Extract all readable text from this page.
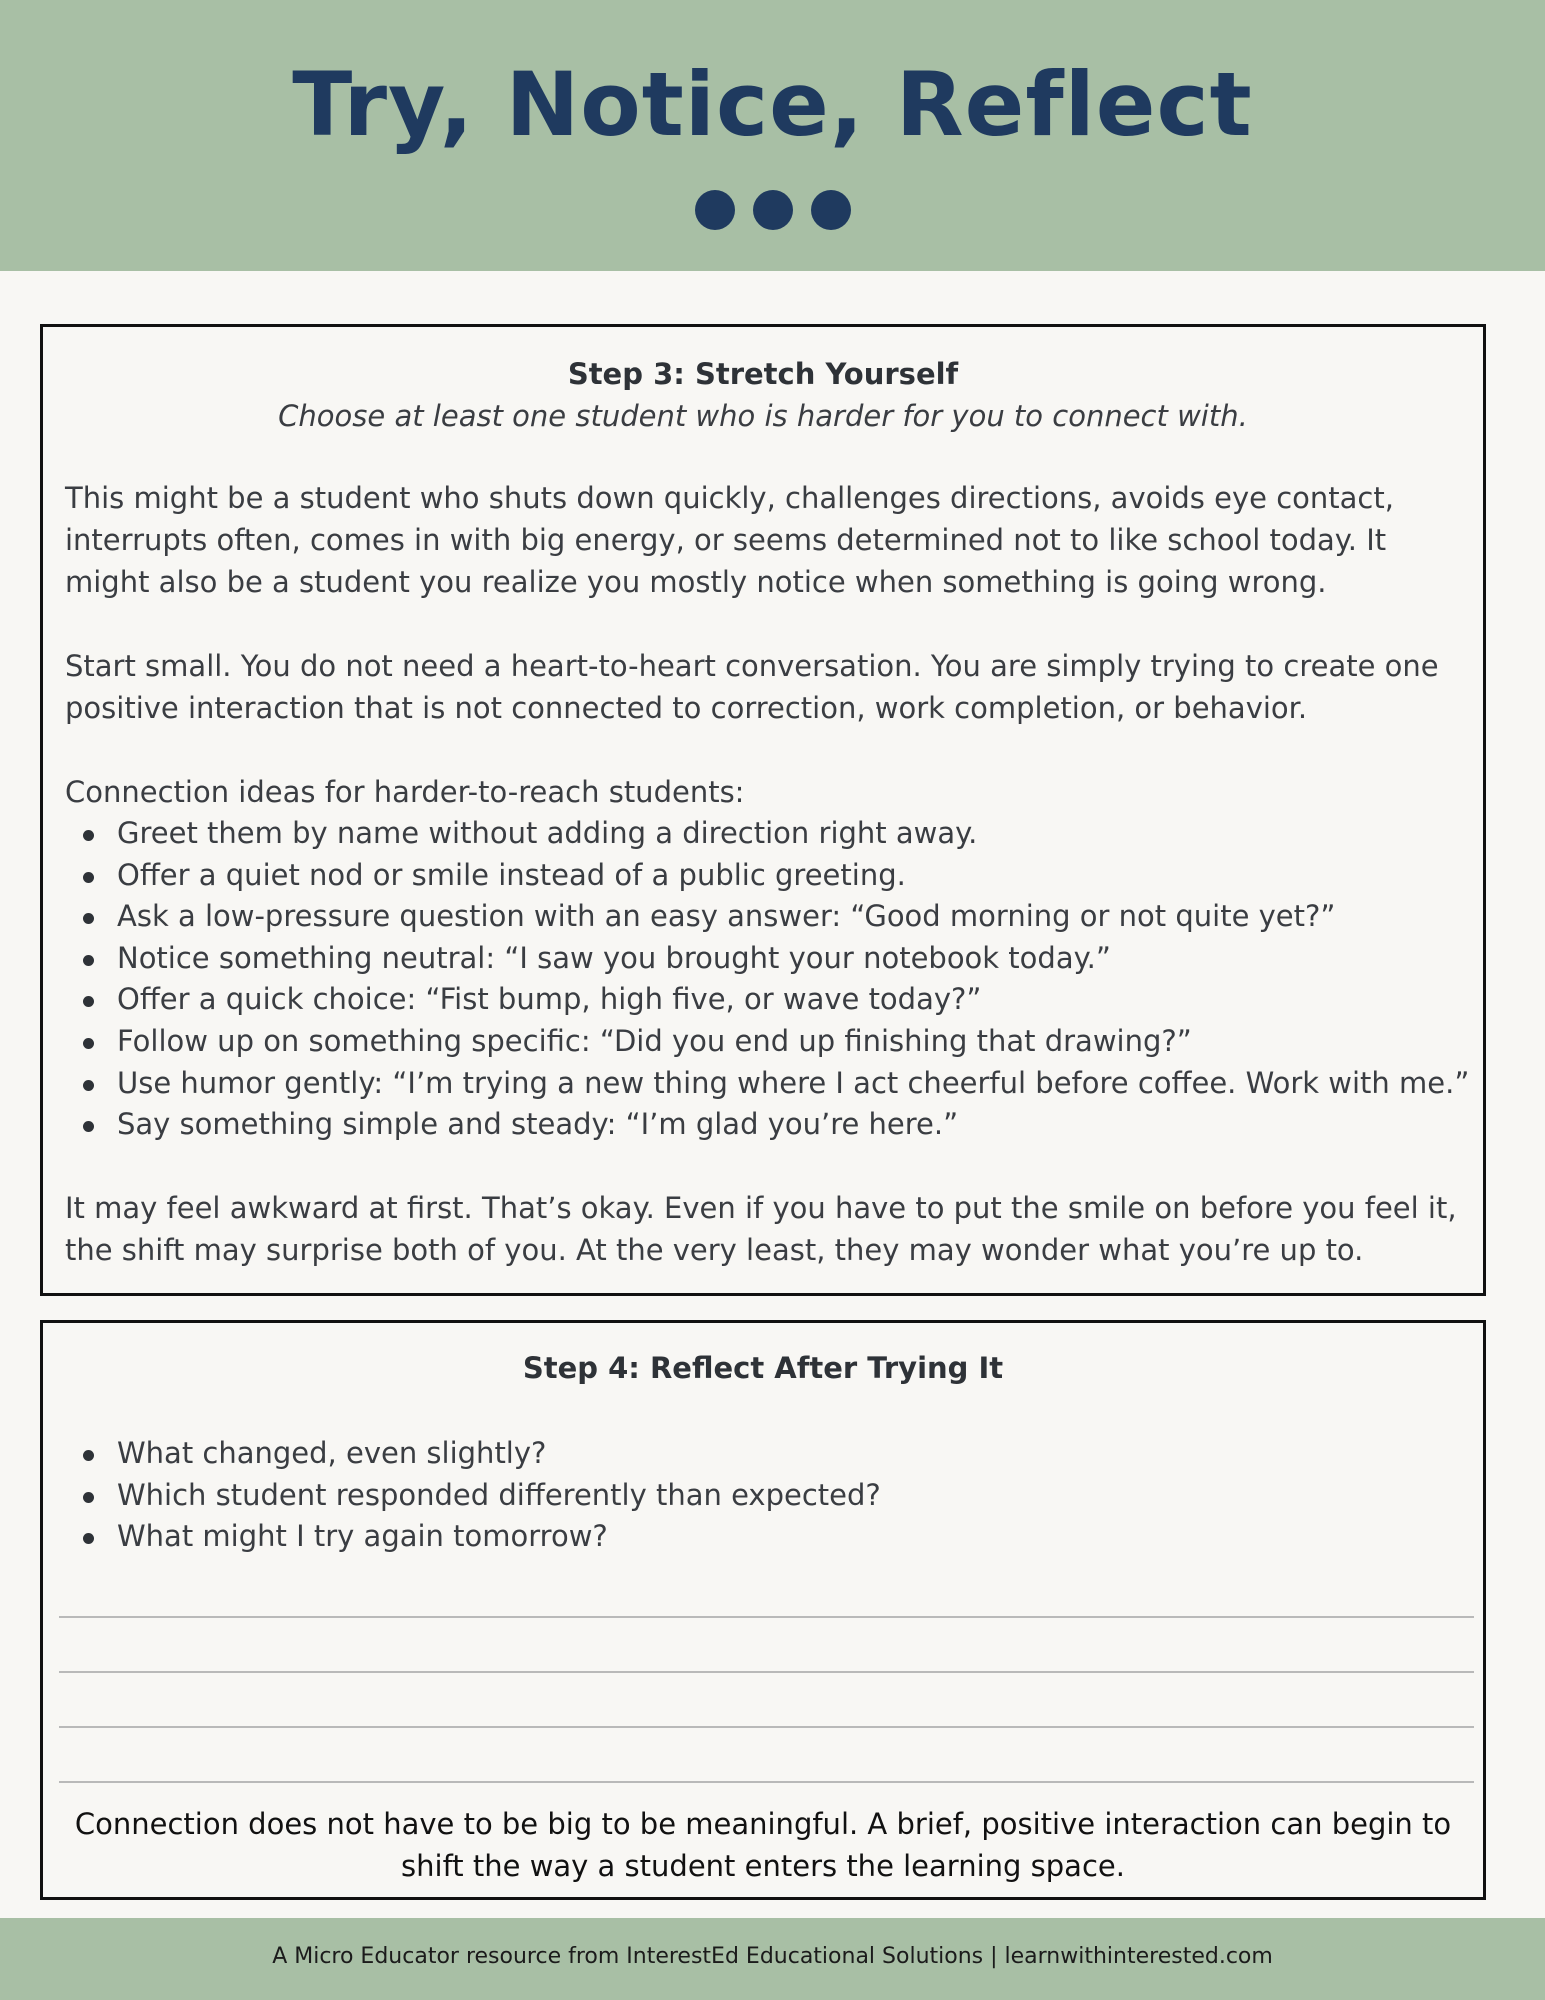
Try, Notice, Reflect
Step 3: Stretch Yourself
Choose at least one student who is harder for you to connect with.
This might be a student who shuts down quickly, challenges directions, avoids eye contact, interrupts often, comes in with big energy, or seems determined not to like school today. It might also be a student you realize you mostly notice when something is going wrong.
Start small. You do not need a heart-to-heart conversation. You are simply trying to create one positive interaction that is not connected to correction, work completion, or behavior.
Connection ideas for harder-to-reach students:
Greet them by name without adding a direction right away.
Offer a quiet nod or smile instead of a public greeting.
Ask a low-pressure question with an easy answer: “Good morning or not quite yet?”
Notice something neutral: “I saw you brought your notebook today.”
Offer a quick choice: “Fist bump, high five, or wave today?”
Follow up on something specific: “Did you end up finishing that drawing?”
Use humor gently: “I’m trying a new thing where I act cheerful before coffee. Work with me.”
Say something simple and steady: “I’m glad you’re here.”
It may feel awkward at first. That’s okay. Even if you have to put the smile on before you feel it, the shift may surprise both of you. At the very least, they may wonder what you’re up to.
Step 4: Reflect After Trying It
What changed, even slightly?
Which student responded differently than expected?
What might I try again tomorrow?
Connection does not have to be big to be meaningful. A brief, positive interaction can begin to shift the way a student enters the learning space.
A Micro Educator resource from InterestEd Educational Solutions | learnwithinterested.com
